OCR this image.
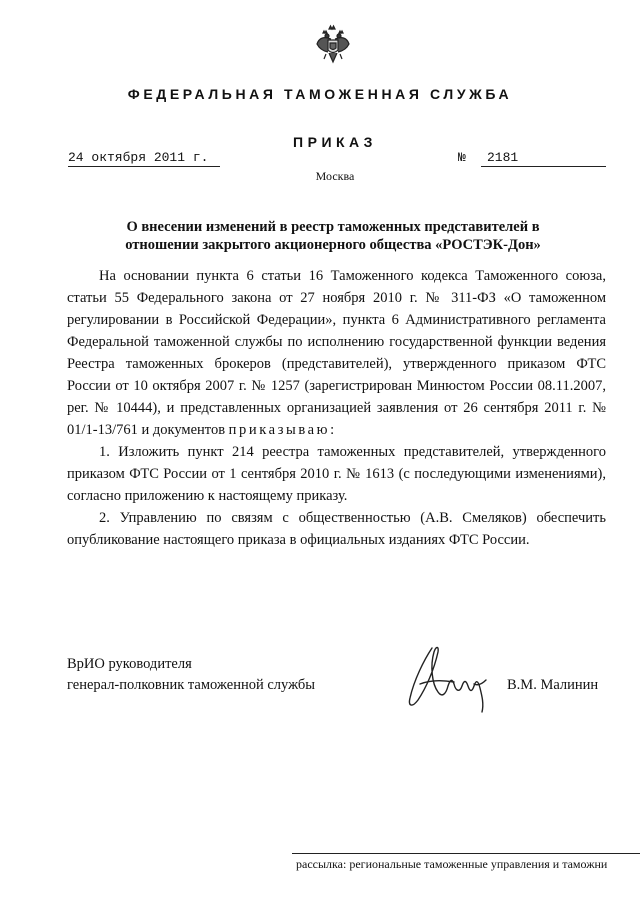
ФЕДЕРАЛЬНАЯ ТАМОЖЕННАЯ СЛУЖБА
ПРИКАЗ
24 октября 2011 г.	№	2181
Москва
О внесении изменений в реестр таможенных представителей в
отношении закрытого акционерного общества «РОСТЭК-Дон»

На основании пункта 6 статьи 16 Таможенного кодекса Таможенного союза, статьи 55 Федерального закона от 27 ноября 2010 г. № 311-ФЗ «О таможенном регулировании в Российской Федерации», пункта 6 Административного регламента Федеральной таможенной службы по исполнению государственной функции ведения Реестра таможенных брокеров (представителей), утвержденного приказом ФТС России от 10 октября 2007 г. № 1257 (зарегистрирован Минюстом России 08.11.2007, рег. № 10444), и представленных организацией заявления от 26 сентября 2011 г. № 01/1-13/761 и документов приказываю:

1. Изложить пункт 214 реестра таможенных представителей, утвержденного приказом ФТС России от 1 сентября 2010 г. № 1613 (с последующими изменениями), согласно приложению к настоящему приказу.

2. Управлению по связям с общественностью (А.В. Смеляков) обеспечить опубликование настоящего приказа в официальных изданиях ФТС России.

ВрИО руководителя
генерал-полковник таможенной службы	В.М. Малинин
рассылка: региональные таможенные управления и таможни
